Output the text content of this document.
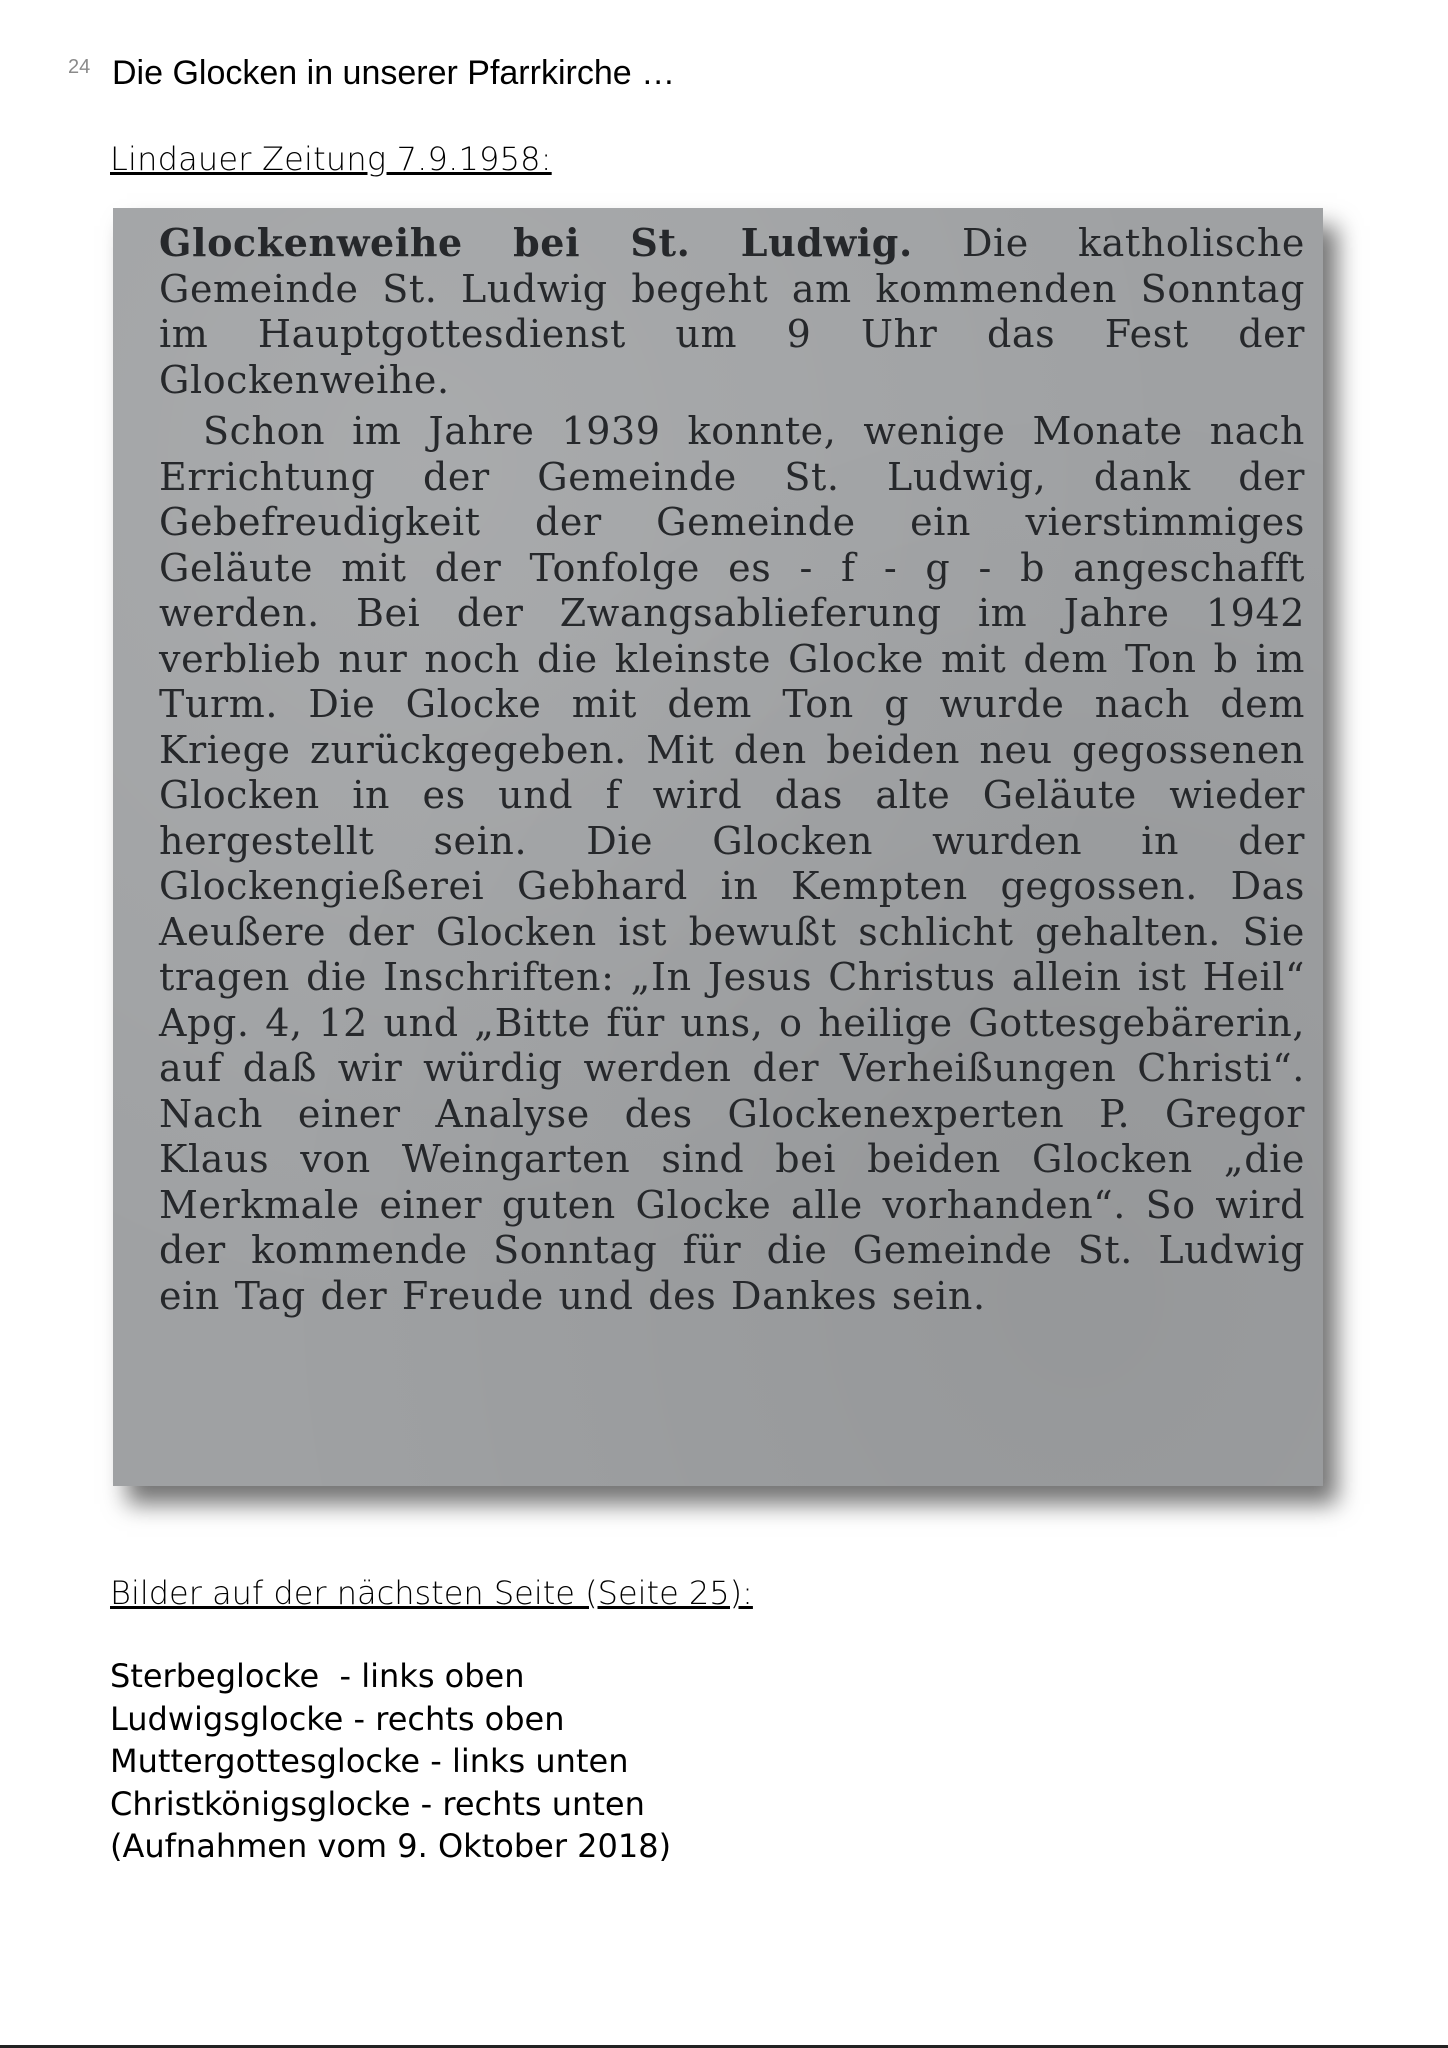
24 Die Glocken in unserer Pfarrkirche …
Lindauer Zeitung 7.9.1958:

Glockenweihe bei St. Ludwig. Die katholische Gemeinde St. Ludwig begeht am kommenden Sonntag im Hauptgottesdienst um 9 Uhr das Fest der Glockenweihe.

Schon im Jahre 1939 konnte, wenige Monate nach Errichtung der Gemeinde St. Ludwig, dank der Gebefreudigkeit der Gemeinde ein vierstimmiges Geläute mit der Tonfolge es - f - g - b angeschafft werden. Bei der Zwangsablieferung im Jahre 1942 verblieb nur noch die kleinste Glocke mit dem Ton b im Turm. Die Glocke mit dem Ton g wurde nach dem Kriege zurückgegeben. Mit den beiden neu gegossenen Glocken in es und f wird das alte Geläute wieder hergestellt sein. Die Glocken wurden in der Glockengießerei Gebhard in Kempten gegossen. Das Aeußere der Glocken ist bewußt schlicht gehalten. Sie tragen die Inschriften: „In Jesus Christus allein ist Heil“ Apg. 4, 12 und „Bitte für uns, o heilige Gottesgebärerin, auf daß wir würdig werden der Verheißungen Christi“. Nach einer Analyse des Glockenexperten P. Gregor Klaus von Weingarten sind bei beiden Glocken „die Merkmale einer guten Glocke alle vorhanden“. So wird der kommende Sonntag für die Gemeinde St. Ludwig ein Tag der Freude und des Dankes sein.

Bilder auf der nächsten Seite (Seite 25):
Sterbeglocke  - links oben
Ludwigsglocke - rechts oben
Muttergottesglocke - links unten
Christkönigsglocke - rechts unten
(Aufnahmen vom 9. Oktober 2018)
